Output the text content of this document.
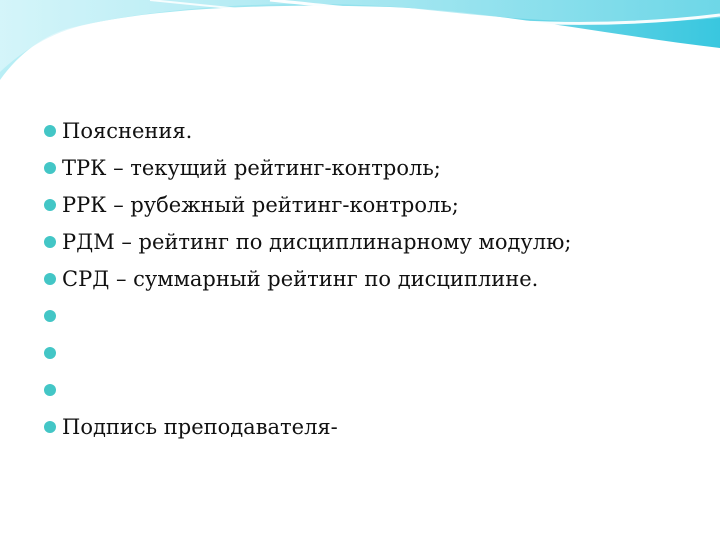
Пояснения.
ТРК – текущий рейтинг-контроль;
РРК – рубежный рейтинг-контроль;
РДМ – рейтинг по дисциплинарному модулю;
СРД – суммарный рейтинг по дисциплине.
Подпись преподавателя-
